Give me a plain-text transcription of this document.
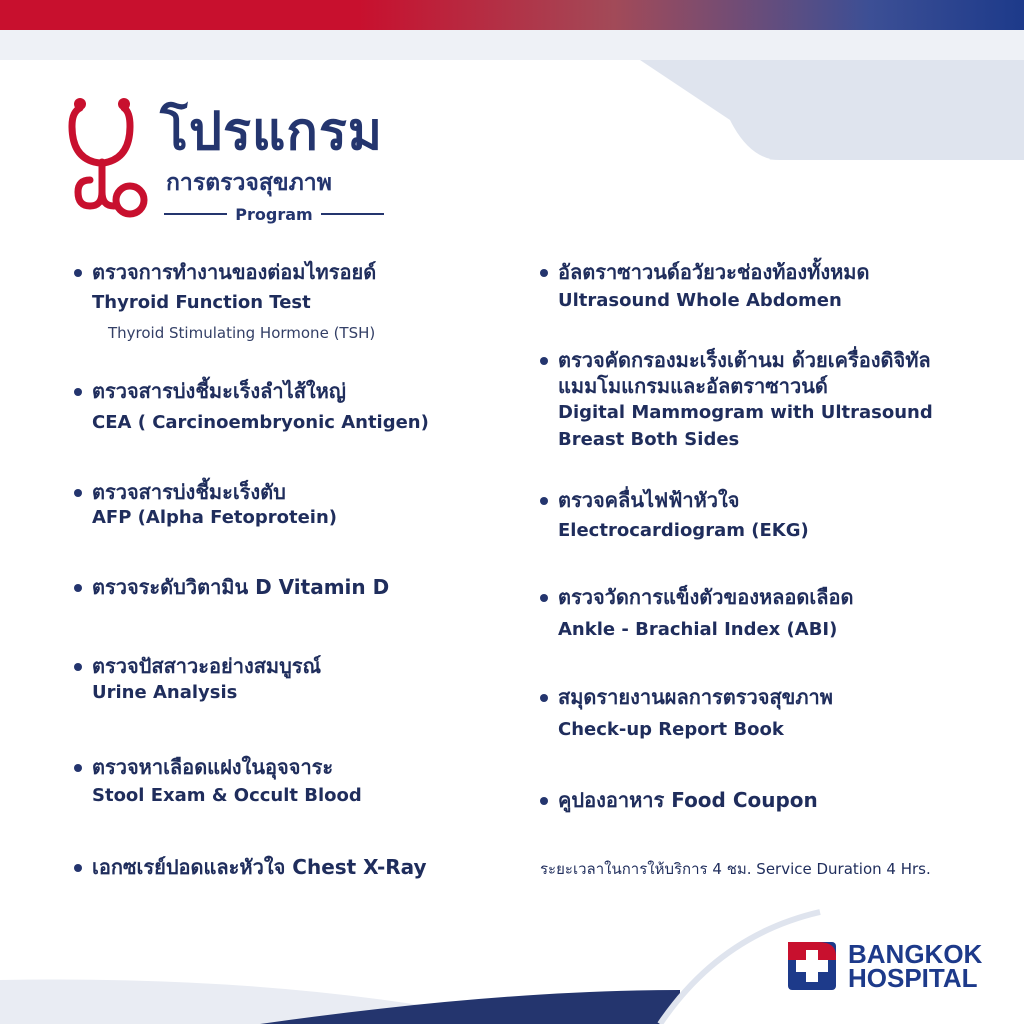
โปรแกรม
การตรวจสุขภาพ
Program
ตรวจการทำงานของต่อมไทรอยด์
Thyroid Function Test
Thyroid Stimulating Hormone (TSH)
ตรวจสารบ่งชี้มะเร็งลำไส้ใหญ่
CEA ( Carcinoembryonic Antigen)
ตรวจสารบ่งชี้มะเร็งตับ
AFP (Alpha Fetoprotein)
ตรวจระดับวิตามิน D Vitamin D
ตรวจปัสสาวะอย่างสมบูรณ์
Urine Analysis
ตรวจหาเลือดแฝงในอุจจาระ
Stool Exam & Occult Blood
เอกซเรย์ปอดและหัวใจ Chest X-Ray
อัลตราซาวนด์อวัยวะช่องท้องทั้งหมด
Ultrasound Whole Abdomen
ตรวจคัดกรองมะเร็งเต้านม ด้วยเครื่องดิจิทัล
แมมโมแกรมและอัลตราซาวนด์
Digital Mammogram with Ultrasound
Breast Both Sides
ตรวจคลื่นไฟฟ้าหัวใจ
Electrocardiogram (EKG)
ตรวจวัดการแข็งตัวของหลอดเลือด
Ankle - Brachial Index (ABI)
สมุดรายงานผลการตรวจสุขภาพ
Check-up Report Book
คูปองอาหาร Food Coupon
ระยะเวลาในการให้บริการ 4 ชม. Service Duration 4 Hrs.
BANGKOK
HOSPITAL
